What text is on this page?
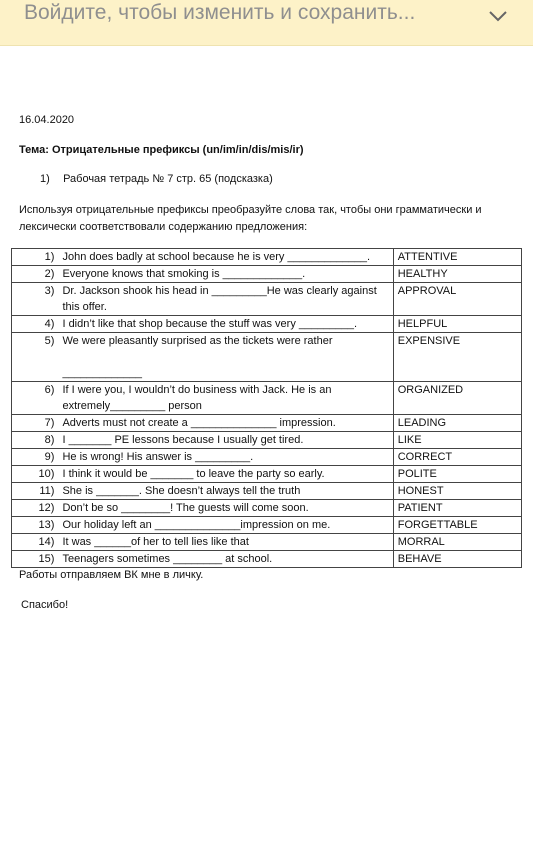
Войдите, чтобы изменить и сохранить...
16.04.2020
Тема: Отрицательные префиксы (un/im/in/dis/mis/ir)
1) Рабочая тетрадь № 7 стр. 65 (подсказка)
Используя отрицательные префиксы преобразуйте слова так, чтобы они грамматически и лексически соответствовали содержанию предложения:
1)	John does badly at school because he is very _____________.	ATTENTIVE
2)	Everyone knows that smoking is _____________.	HEALTHY
3)	Dr. Jackson shook his head in _________He was clearly against
this offer.	APPROVAL
4)	I didn’t like that shop because the stuff was very _________.	HELPFUL
5)	We were pleasantly surprised as the tickets were rather
_____________	EXPENSIVE
6)	If I were you, I wouldn’t do business with Jack. He is an
extremely_________ person	ORGANIZED
7)	Adverts must not create a ______________ impression.	LEADING
8)	I _______ PE lessons because I usually get tired.	LIKE
9)	He is wrong! His answer is _________.	CORRECT
10)	I think it would be _______ to leave the party so early.	POLITE
11)	She is _______. She doesn’t always tell the truth	HONEST
12)	Don’t be so ________! The guests will come soon.	PATIENT
13)	Our holiday left an ______________impression on me.	FORGETTABLE
14)	It was ______of her to tell lies like that	MORRAL
15)	Teenagers sometimes ________ at school.	BEHAVE
Работы отправляем ВК мне в личку.
Спасибо!
